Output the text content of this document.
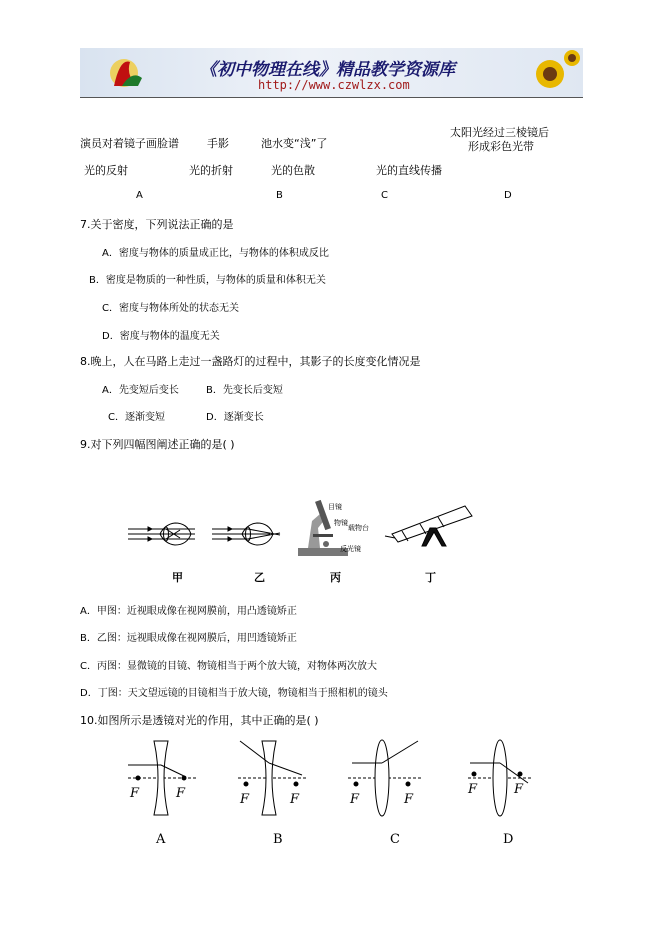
《初中物理在线》精品教学资源库
http://www.czwlzx.com
演员对着镜子画脸谱	手影	池水变“浅”了
太阳光经过三棱镜后
形成彩色光带
光的反射	光的折射	光的色散	光的直线传播
A	B	C	D
7.关于密度，下列说法正确的是
A．密度与物体的质量成正比，与物体的体积成反比
B．密度是物质的一种性质，与物体的质量和体积无关
C．密度与物体所处的状态无关
D．密度与物体的温度无关
8.晚上，人在马路上走过一盏路灯的过程中，其影子的长度变化情况是
A．先变短后变长	B．先变长后变短
C．逐渐变短	D．逐渐变长
9.对下列四幅图阐述正确的是( )
目镜
物镜
载物台
反光镜
甲	乙	丙	丁
A．甲图：近视眼成像在视网膜前，用凸透镜矫正
B．乙图：远视眼成像在视网膜后，用凹透镜矫正
C．丙图：显微镜的目镜、物镜相当于两个放大镜，对物体两次放大
D．丁图：天文望远镜的目镜相当于放大镜，物镜相当于照相机的镜头
10.如图所示是透镜对光的作用，其中正确的是( )
F	F	F	F	F	F
F	F
A	B	C	D
